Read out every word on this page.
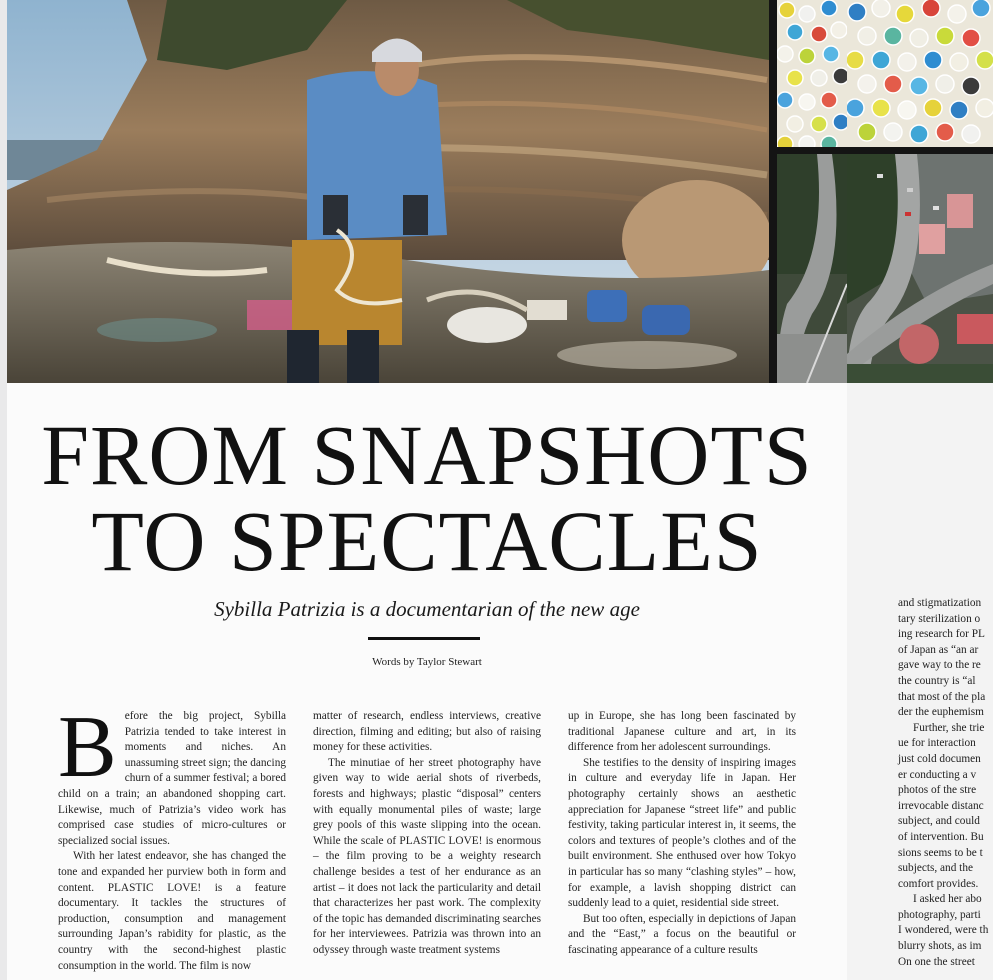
FROM SNAPSHOTS
TO SPECTACLES
Sybilla Patrizia is a documentarian of the new age
Words by Taylor Stewart

Before the big project, Sybilla Patrizia tended to take interest in moments and niches. An unassuming street sign; the dancing churn of a summer festival; a bored child on a train; an abandoned shopping cart. Likewise, much of Patrizia’s video work has comprised case studies of micro-cultures or specialized social issues.

With her latest endeavor, she has changed the tone and expanded her purview both in form and content. PLASTIC LOVE! is a feature documentary. It tackles the structures of production, consumption and management surrounding Japan’s rabidity for plastic, as the country with the second-highest plastic consumption in the world. The film is now

matter of research, endless interviews, creative direction, filming and editing; but also of raising money for these activities.

The minutiae of her street photography have given way to wide aerial shots of riverbeds, forests and highways; plastic “disposal” centers with equally monumental piles of waste; large grey pools of this waste slipping into the ocean. While the scale of PLASTIC LOVE! is enormous – the film proving to be a weighty research challenge besides a test of her endurance as an artist – it does not lack the particularity and detail that characterizes her past work. The complexity of the topic has demanded discriminating searches for her interviewees. Patrizia was thrown into an odyssey through waste treatment systems

up in Europe, she has long been fascinated by traditional Japanese culture and art, in its difference from her adolescent surroundings.

She testifies to the density of inspiring images in culture and everyday life in Japan. Her photography certainly shows an aesthetic appreciation for Japanese “street life” and public festivity, taking particular interest in, it seems, the colors and textures of people’s clothes and of the built environment. She enthused over how Tokyo in particular has so many “clashing styles” – how, for example, a lavish shopping district can suddenly lead to a quiet, residential side street.

But too often, especially in depictions of Japan and the “East,” a focus on the beautiful or fascinating appearance of a culture results

and stigmatization
tary sterilization o
ing research for PL
of Japan as “an ar
gave way to the re
the country is “al
that most of the pla
der the euphemism
Further, she trie
ue for interaction
just cold documen
er conducting a v
photos of the stre
irrevocable distanc
subject, and could
of intervention. Bu
sions seems to be t
subjects, and the
comfort provides.
I asked her abo
photography, parti
I wondered, were th
blurry shots, as im
On one the street
